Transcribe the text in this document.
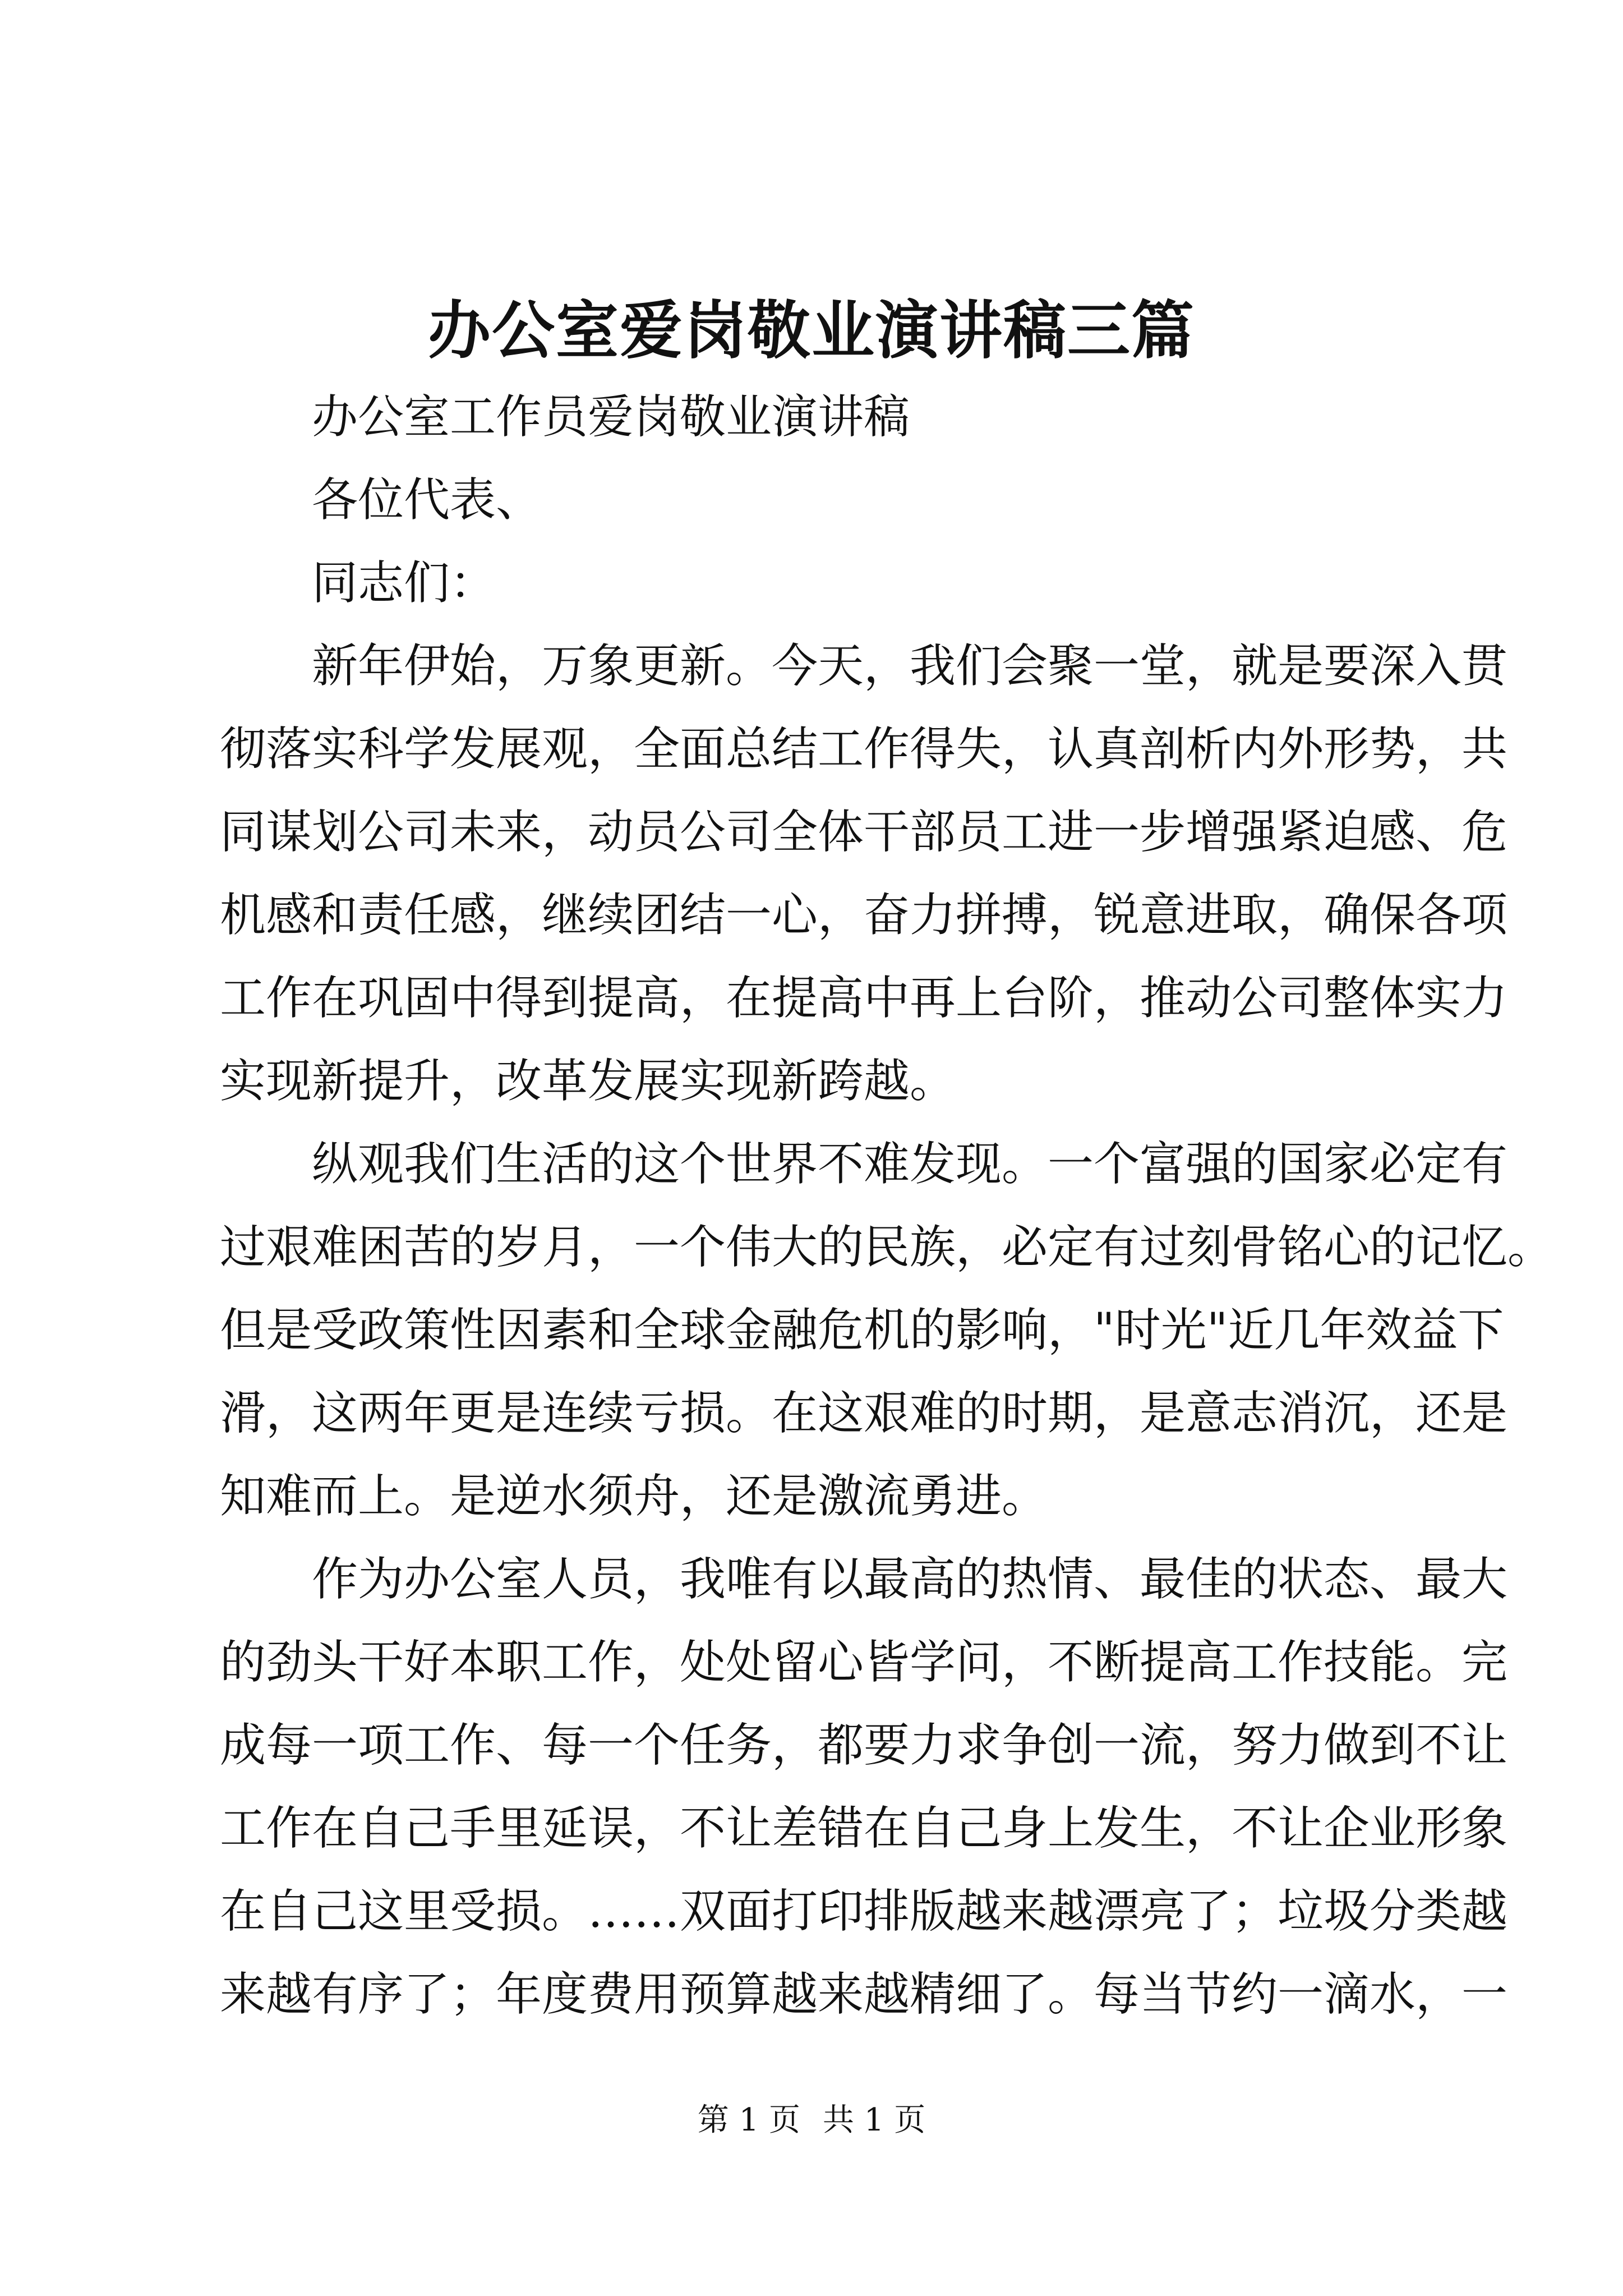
办公室爱岗敬业演讲稿三篇
办公室工作员爱岗敬业演讲稿
各位代表、
同志们：
新年伊始，万象更新。今天，我们会聚一堂，就是要深入贯
彻落实科学发展观，全面总结工作得失，认真剖析内外形势，共
同谋划公司未来，动员公司全体干部员工进一步增强紧迫感、危
机感和责任感，继续团结一心，奋力拼搏，锐意进取，确保各项
工作在巩固中得到提高，在提高中再上台阶，推动公司整体实力
实现新提升，改革发展实现新跨越。
纵观我们生活的这个世界不难发现。一个富强的国家必定有
过艰难困苦的岁月，一个伟大的民族，必定有过刻骨铭心的记忆。
但是受政策性因素和全球金融危机的影响，"时光"近几年效益下
滑，这两年更是连续亏损。在这艰难的时期，是意志消沉，还是
知难而上。是逆水须舟，还是激流勇进。
作为办公室人员，我唯有以最高的热情、最佳的状态、最大
的劲头干好本职工作，处处留心皆学问，不断提高工作技能。完
成每一项工作、每一个任务，都要力求争创一流，努力做到不让
工作在自己手里延误，不让差错在自己身上发生，不让企业形象
在自己这里受损。……双面打印排版越来越漂亮了；垃圾分类越
来越有序了；年度费用预算越来越精细了。每当节约一滴水，一
第 1 页 共 1 页
